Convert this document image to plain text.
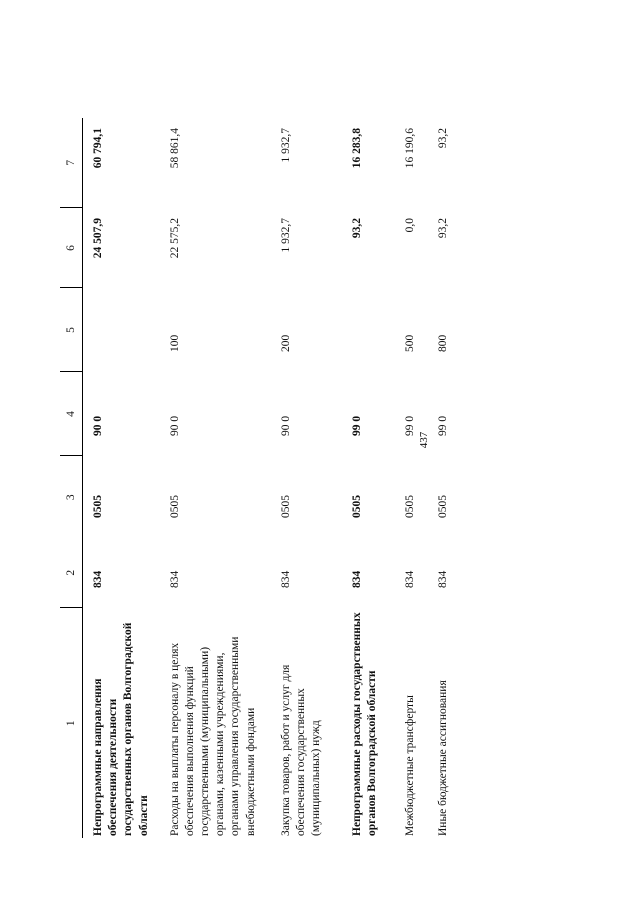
437
1	2	3	4	5	6	7
Непрограммные направления обеспечения деятельности государственных органов Волгоградской области	834	0505	90 0		24 507,9	60 794,1
Расходы на выплаты персоналу в целях обеспечения выполнения функций государственными (муниципальными) органами, казенными учреждениями, органами управления государственными внебюджетными фондами	834	0505	90 0	100	22 575,2	58 861,4
Закупка товаров, работ и услуг для обеспечения государственных (муниципальных) нужд	834	0505	90 0	200	1 932,7	1 932,7
Непрограммные расходы государственных органов Волгоградской области	834	0505	99 0		93,2	16 283,8
Межбюджетные трансферты	834	0505	99 0	500	0,0	16 190,6
Иные бюджетные ассигнования	834	0505	99 0	800	93,2	93,2
